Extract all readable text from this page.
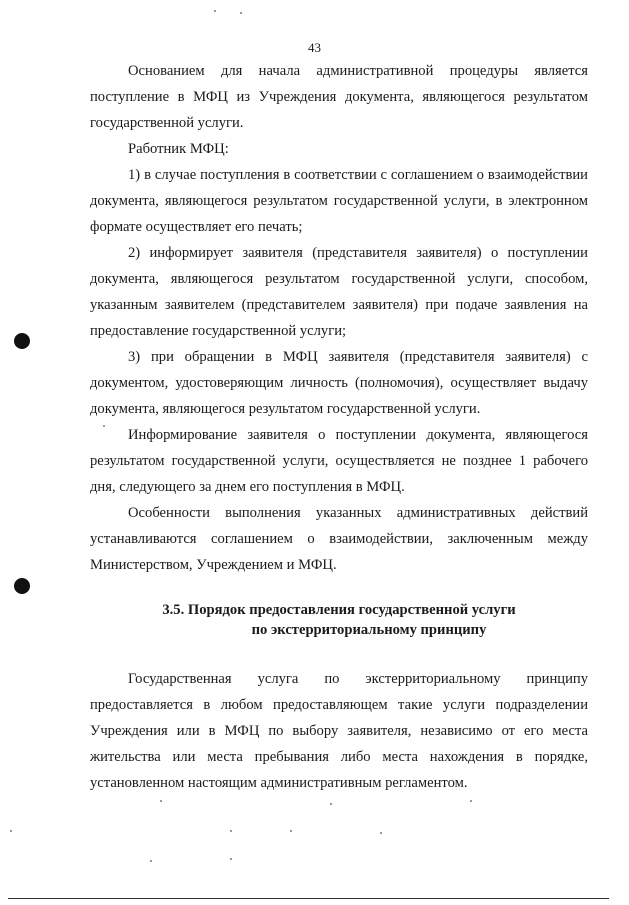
43

Основанием для начала административной процедуры является поступление в МФЦ из Учреждения документа, являющегося результатом государственной услуги.

Работник МФЦ:

1) в случае поступления в соответствии с соглашением о взаимодействии документа, являющегося результатом государственной услуги, в электронном формате осуществляет его печать;

2) информирует заявителя (представителя заявителя) о поступлении документа, являющегося результатом государственной услуги, способом, указанным заявителем (представителем заявителя) при подаче заявления на предоставление государственной услуги;

3) при обращении в МФЦ заявителя (представителя заявителя) с документом, удостоверяющим личность (полномочия), осуществляет выдачу документа, являющегося результатом государственной услуги.

Информирование заявителя о поступлении документа, являющегося результатом государственной услуги, осуществляется не позднее 1 рабочего дня, следующего за днем его поступления в МФЦ.

Особенности выполнения указанных административных действий устанавливаются соглашением о взаимодействии, заключенным между Министерством, Учреждением и МФЦ.

3.5. Порядок предоставления государственной услуги
по экстерриториальному принципу

Государственная услуга по экстерриториальному принципу предоставляется в любом предоставляющем такие услуги подразделении Учреждения или в МФЦ по выбору заявителя, независимо от его места жительства или места пребывания либо места нахождения в порядке, установленном настоящим административным регламентом.
